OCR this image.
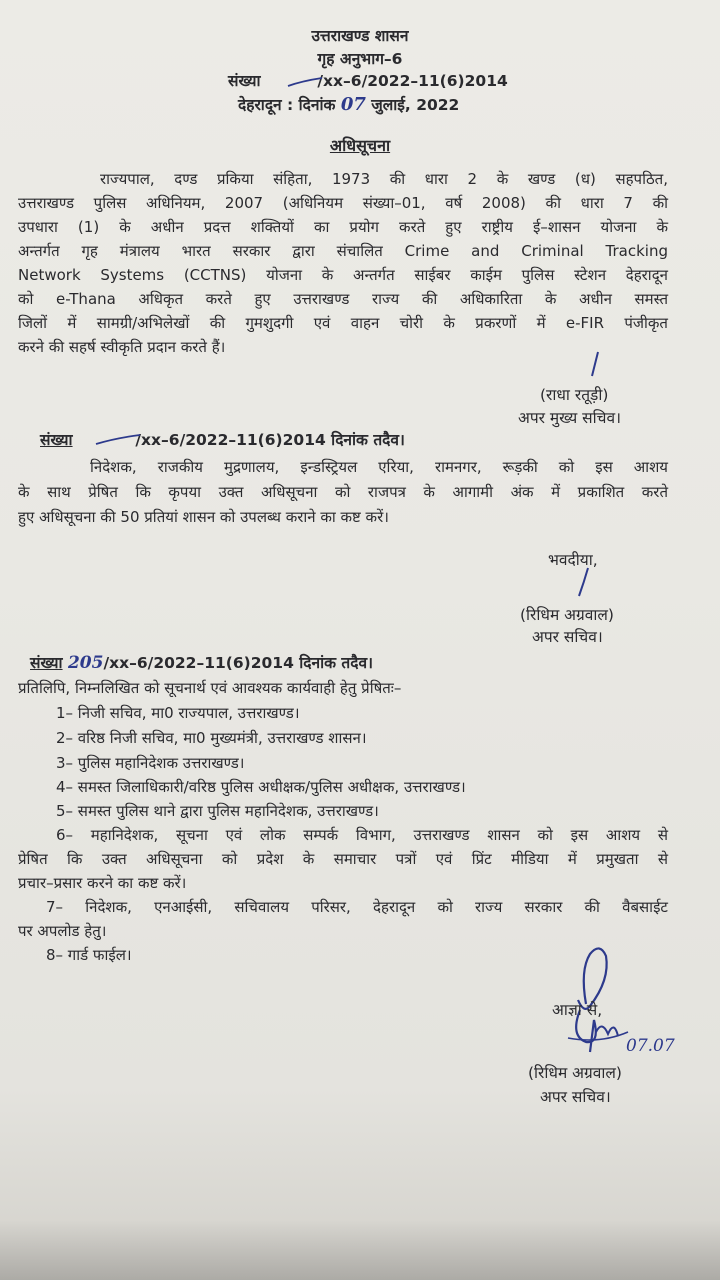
उत्तराखण्ड शासन
गृह अनुभाग–6
संख्या	/xx–6/2022–11(6)2014
देहरादून : दिनांक 07 जुलाई, 2022
अधिसूचना
राज्यपाल, दण्ड प्रकिया संहिता, 1973 की धारा 2 के खण्ड (ध) सहपठित,
उत्तराखण्ड पुलिस अधिनियम, 2007 (अधिनियम संख्या–01, वर्ष 2008) की धारा 7 की
उपधारा (1) के अधीन प्रदत्त शक्तियों का प्रयोग करते हुए राष्ट्रीय ई–शासन योजना के
अन्तर्गत गृह मंत्रालय भारत सरकार द्वारा संचालित Crime and Criminal Tracking
Network Systems (CCTNS) योजना के अन्तर्गत साईबर काईम पुलिस स्टेशन देहरादून
को e-Thana अधिकृत करते हुए उत्तराखण्ड राज्य की अधिकारिता के अधीन समस्त
जिलों में सामग्री/अभिलेखों की गुमशुदगी एवं वाहन चोरी के प्रकरणों में e-FIR पंजीकृत
करने की सहर्ष स्वीकृति प्रदान करते हैं।
(राधा रतूड़ी)
अपर मुख्य सचिव।
संख्या	/xx–6/2022–11(6)2014 दिनांक तदैव।
निदेशक, राजकीय मुद्रणालय, इन्डस्ट्रियल एरिया, रामनगर, रूड़की को इस आशय
के साथ प्रेषित कि कृपया उक्त अधिसूचना को राजपत्र के आगामी अंक में प्रकाशित करते
हुए अधिसूचना की 50 प्रतियां शासन को उपलब्ध कराने का कष्ट करें।
भवदीया,
(रिधिम अग्रवाल)
अपर सचिव।
संख्या 205/xx–6/2022–11(6)2014 दिनांक तदैव।
प्रतिलिपि, निम्नलिखित को सूचनार्थ एवं आवश्यक कार्यवाही हेतु प्रेषितः–
1– निजी सचिव, मा0 राज्यपाल, उत्तराखण्ड।
2– वरिष्ठ निजी सचिव, मा0 मुख्यमंत्री, उत्तराखण्ड शासन।
3– पुलिस महानिदेशक उत्तराखण्ड।
4– समस्त जिलाधिकारी/वरिष्ठ पुलिस अधीक्षक/पुलिस अधीक्षक, उत्तराखण्ड।
5– समस्त पुलिस थाने द्वारा पुलिस महानिदेशक, उत्तराखण्ड।
6– महानिदेशक, सूचना एवं लोक सम्पर्क विभाग, उत्तराखण्ड शासन को इस आशय से
प्रेषित कि उक्त अधिसूचना को प्रदेश के समाचार पत्रों एवं प्रिंट मीडिया में प्रमुखता से
प्रचार–प्रसार करने का कष्ट करें।
7– निदेशक, एनआईसी, सचिवालय परिसर, देहरादून को राज्य सरकार की वैबसाईट
पर अपलोड हेतु।
8– गार्ड फाईल।
आज्ञा से,
07.07
(रिधिम अग्रवाल)
अपर सचिव।
